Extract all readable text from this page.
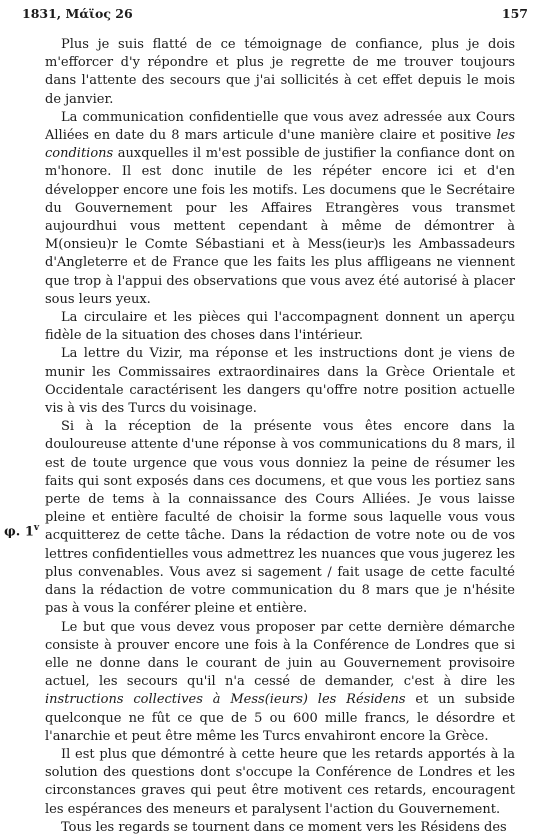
1831, Μάϊος 26	157
φ. 1$^v$

Plus je suis flatté de ce témoignage de confiance, plus je dois m'efforcer d'y répondre et plus je regrette de me trouver toujours dans l'attente des secours que j'ai sollicités à cet effet depuis le mois de janvier.

La communication confidentielle que vous avez adressée aux Cours Alliées en date du 8 mars articule d'une manière claire et positive les conditions auxquelles il m'est possible de justifier la confiance dont on m'honore. Il est donc inutile de les répéter encore ici et d'en développer encore une fois les motifs. Les documens que le Secrétaire du Gouvernement pour les Affaires Etrangères vous transmet aujourdhui vous mettent cependant à même de démontrer à M(onsieu)r le Comte Sébastiani et à Mess(ieur)s les Ambassadeurs d'Angleterre et de France que les faits les plus affligeans ne viennent que trop à l'appui des observations que vous avez été autorisé à placer sous leurs yeux.

La circulaire et les pièces qui l'accompagnent donnent un aperçu fidèle de la situation des choses dans l'intérieur.

La lettre du Vizir, ma réponse et les instructions dont je viens de munir les Commissaires extraordinaires dans la Grèce Orientale et Occidentale caractérisent les dangers qu'offre notre position actuelle vis à vis des Turcs du voisinage.

Si à la réception de la présente vous êtes encore dans la douloureuse attente d'une réponse à vos communications du 8 mars, il est de toute urgence que vous vous donniez la peine de résumer les faits qui sont exposés dans ces documens, et que vous les portiez sans perte de tems à la connaissance des Cours Alliées. Je vous laisse pleine et entière faculté de choisir la forme sous laquelle vous vous acquitterez de cette tâche. Dans la rédaction de votre note ou de vos lettres confidentielles vous admettrez les nuances que vous jugerez les plus convenables. Vous avez si sagement / fait usage de cette faculté dans la rédaction de votre communication du 8 mars que je n'hésite pas à vous la conférer pleine et entière.

Le but que vous devez vous proposer par cette dernière démarche consiste à prouver encore une fois à la Conférence de Londres que si elle ne donne dans le courant de juin au Gouvernement provisoire actuel, les secours qu'il n'a cessé de demander, c'est à dire les instructions collectives à Mess(ieurs) les Résidens et un subside quelconque ne fût ce que de 5 ou 600 mille francs, le désordre et l'anarchie et peut être même les Turcs envahiront encore la Grèce.

Il est plus que démontré à cette heure que les retards apportés à la solution des questions dont s'occupe la Conférence de Londres et les circonstances graves qui peut être motivent ces retards, encouragent les espérances des meneurs et paralysent l'action du Gouvernement.

Tous les regards se tournent dans ce moment vers les Résidens des
